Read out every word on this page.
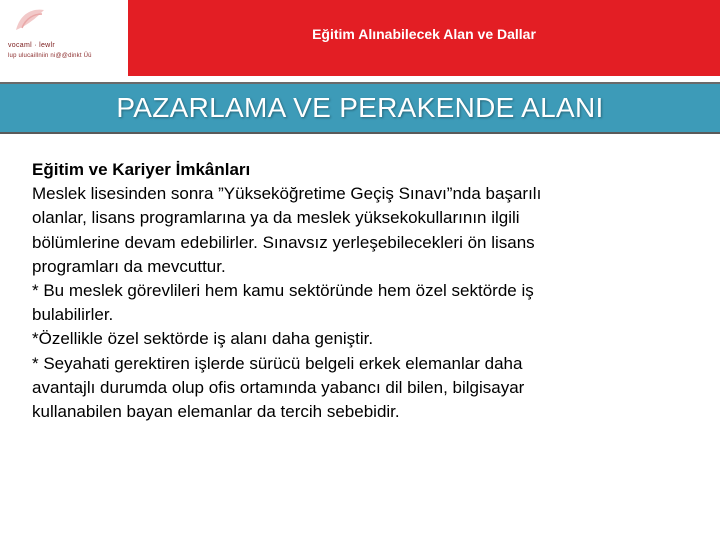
vocaml · lewlr
lup ulucaillniin ni@@dinkt Üü
Eğitim Alınabilecek Alan ve Dallar
PAZARLAMA VE PERAKENDE ALANI

Eğitim ve Kariyer İmkânları

Meslek lisesinden sonra ”Yükseköğretime Geçiş Sınavı”nda başarılı

olanlar, lisans programlarına ya da meslek yüksekokullarının ilgili

bölümlerine devam edebilirler. Sınavsız yerleşebilecekleri ön lisans

programları da mevcuttur.

* Bu meslek görevlileri hem kamu sektöründe hem özel sektörde iş

bulabilirler.

*Özellikle özel sektörde iş alanı daha geniştir.

* Seyahati gerektiren işlerde sürücü belgeli erkek elemanlar daha

avantajlı durumda olup ofis ortamında yabancı dil bilen, bilgisayar

kullanabilen bayan elemanlar da tercih sebebidir.
